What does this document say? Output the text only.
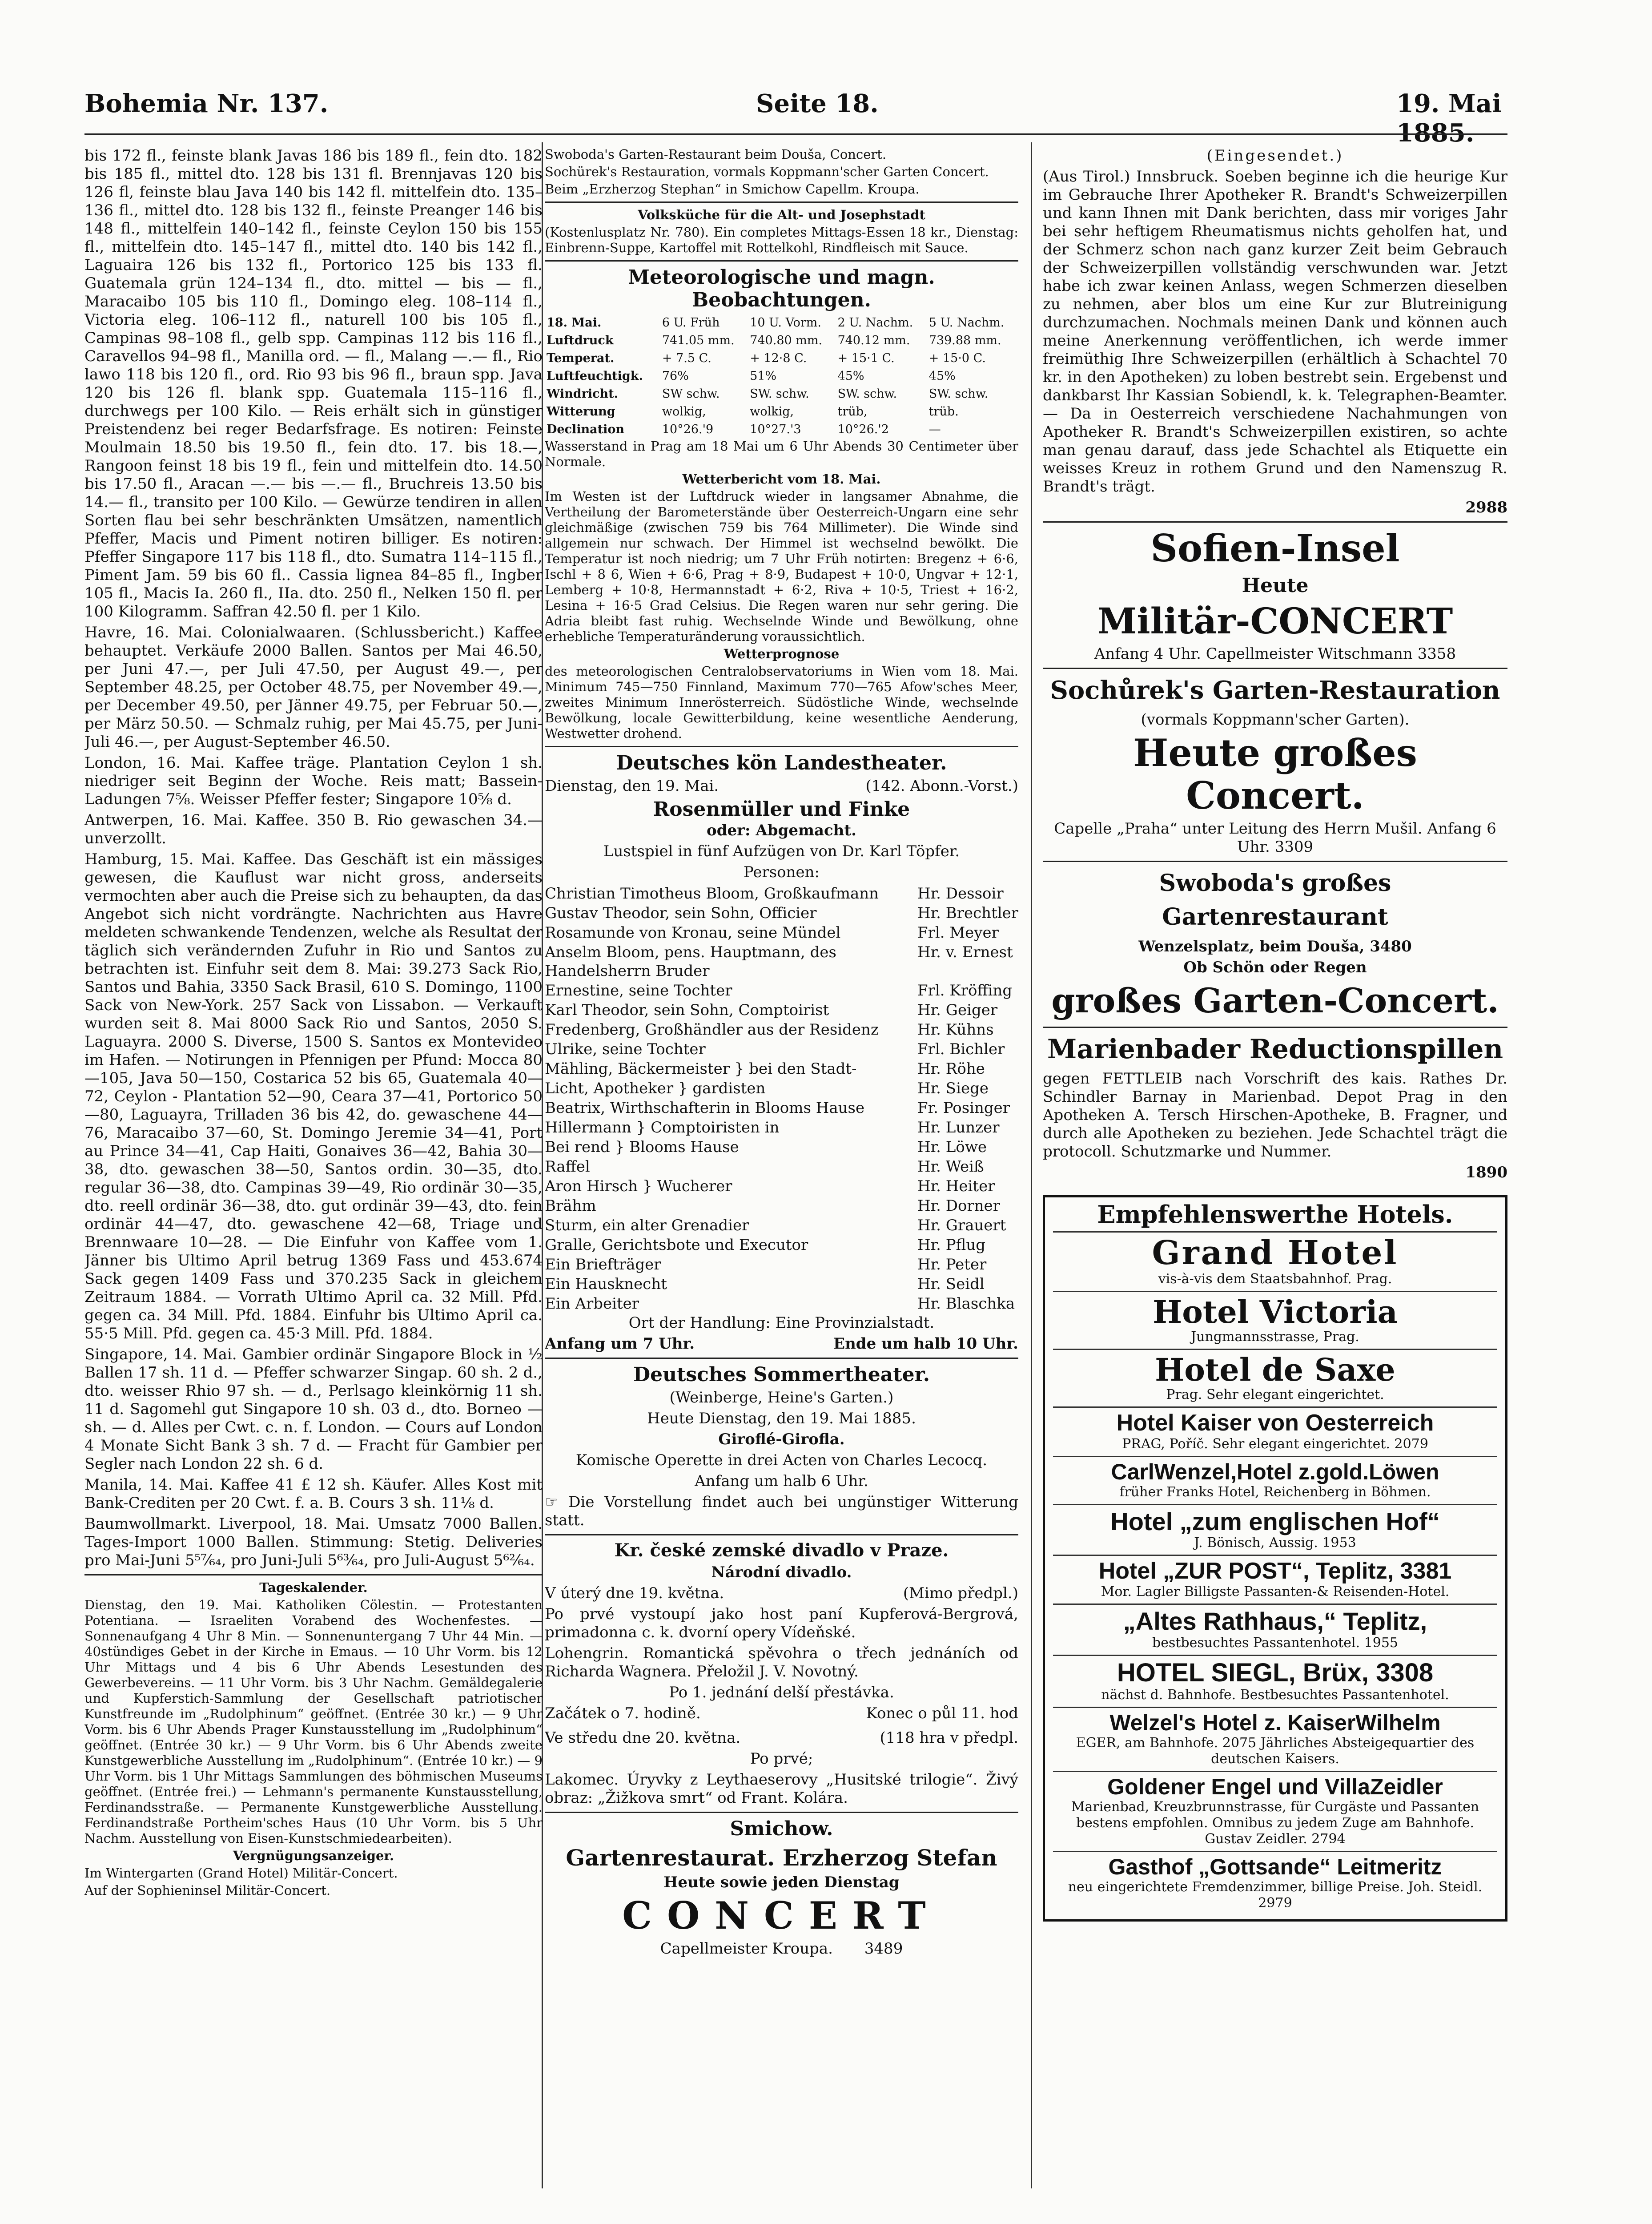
Bohemia Nr. 137.	Seite 18.	19. Mai 1885.

bis 172 fl., feinste blank Javas 186 bis 189 fl., fein dto. 182 bis 185 fl., mittel dto. 128 bis 131 fl. Brennjavas 120 bis 126 fl, feinste blau Java 140 bis 142 fl. mittelfein dto. 135–136 fl., mittel dto. 128 bis 132 fl., feinste Preanger 146 bis 148 fl., mittelfein 140–142 fl., feinste Ceylon 150 bis 155 fl., mittelfein dto. 145–147 fl., mittel dto. 140 bis 142 fl., Laguaira 126 bis 132 fl., Portorico 125 bis 133 fl. Guatemala grün 124–134 fl., dto. mittel — bis — fl., Maracaibo 105 bis 110 fl., Domingo eleg. 108–114 fl., Victoria eleg. 106–112 fl., naturell 100 bis 105 fl., Campinas 98–108 fl., gelb spp. Campinas 112 bis 116 fl., Caravellos 94–98 fl., Manilla ord. — fl., Malang —.— fl., Rio lawo 118 bis 120 fl., ord. Rio 93 bis 96 fl., braun spp. Java 120 bis 126 fl. blank spp. Guatemala 115–116 fl., durchwegs per 100 Kilo. — Reis erhält sich in günstiger Preistendenz bei reger Bedarfsfrage. Es notiren: Feinste Moulmain 18.50 bis 19.50 fl., fein dto. 17. bis 18.—, Rangoon feinst 18 bis 19 fl., fein und mittelfein dto. 14.50 bis 17.50 fl., Aracan —.— bis —.— fl., Bruchreis 13.50 bis 14.— fl., transito per 100 Kilo. — Gewürze tendiren in allen Sorten flau bei sehr beschränkten Umsätzen, namentlich Pfeffer, Macis und Piment notiren billiger. Es notiren: Pfeffer Singapore 117 bis 118 fl., dto. Sumatra 114–115 fl., Piment Jam. 59 bis 60 fl.. Cassia lignea 84–85 fl., Ingber 105 fl., Macis Ia. 260 fl., IIa. dto. 250 fl., Nelken 150 fl. per 100 Kilogramm. Saffran 42.50 fl. per 1 Kilo.

Havre, 16. Mai. Colonialwaaren. (Schlussbericht.) Kaffee behauptet. Verkäufe 2000 Ballen. Santos per Mai 46.50, per Juni 47.—, per Juli 47.50, per August 49.—, per September 48.25, per October 48.75, per November 49.—, per December 49.50, per Jänner 49.75, per Februar 50.—, per März 50.50. — Schmalz ruhig, per Mai 45.75, per Juni-Juli 46.—, per August-September 46.50.

London, 16. Mai. Kaffee träge. Plantation Ceylon 1 sh. niedriger seit Beginn der Woche. Reis matt; Bassein-Ladungen 7⅝. Weisser Pfeffer fester; Singapore 10⅝ d.

Antwerpen, 16. Mai. Kaffee. 350 B. Rio gewaschen 34.— unverzollt.

Hamburg, 15. Mai. Kaffee. Das Geschäft ist ein mässiges gewesen, die Kauflust war nicht gross, anderseits vermochten aber auch die Preise sich zu behaupten, da das Angebot sich nicht vordrängte. Nachrichten aus Havre meldeten schwankende Tendenzen, welche als Resultat der täglich sich verändernden Zufuhr in Rio und Santos zu betrachten ist. Einfuhr seit dem 8. Mai: 39.273 Sack Rio, Santos und Bahia, 3350 Sack Brasil, 610 S. Domingo, 1100 Sack von New-York. 257 Sack von Lissabon. — Verkauft wurden seit 8. Mai 8000 Sack Rio und Santos, 2050 S. Laguayra. 2000 S. Diverse, 1500 S. Santos ex Montevideo im Hafen. — Notirungen in Pfennigen per Pfund: Mocca 80—105, Java 50—150, Costarica 52 bis 65, Guatemala 40—72, Ceylon - Plantation 52—90, Ceara 37—41, Portorico 50—80, Laguayra, Trilladen 36 bis 42, do. gewaschene 44—76, Maracaibo 37—60, St. Domingo Jeremie 34—41, Port au Prince 34—41, Cap Haiti, Gonaives 36—42, Bahia 30—38, dto. gewaschen 38—50, Santos ordin. 30—35, dto. regular 36—38, dto. Campinas 39—49, Rio ordinär 30—35, dto. reell ordinär 36—38, dto. gut ordinär 39—43, dto. fein ordinär 44—47, dto. gewaschene 42—68, Triage und Brennwaare 10—28. — Die Einfuhr von Kaffee vom 1. Jänner bis Ultimo April betrug 1369 Fass und 453.674 Sack gegen 1409 Fass und 370.235 Sack in gleichem Zeitraum 1884. — Vorrath Ultimo April ca. 32 Mill. Pfd. gegen ca. 34 Mill. Pfd. 1884. Einfuhr bis Ultimo April ca. 55·5 Mill. Pfd. gegen ca. 45·3 Mill. Pfd. 1884.

Singapore, 14. Mai. Gambier ordinär Singapore Block in ½ Ballen 17 sh. 11 d. — Pfeffer schwarzer Singap. 60 sh. 2 d., dto. weisser Rhio 97 sh. — d., Perlsago kleinkörnig 11 sh. 11 d. Sagomehl gut Singapore 10 sh. 03 d., dto. Borneo — sh. — d. Alles per Cwt. c. n. f. London. — Cours auf London 4 Monate Sicht Bank 3 sh. 7 d. — Fracht für Gambier per Segler nach London 22 sh. 6 d.

Manila, 14. Mai. Kaffee 41 £ 12 sh. Käufer. Alles Kost mit Bank-Crediten per 20 Cwt. f. a. B. Cours 3 sh. 11⅛ d.

Baumwollmarkt. Liverpool, 18. Mai. Umsatz 7000 Ballen. Tages-Import 1000 Ballen. Stimmung: Stetig. Deliveries pro Mai-Juni 5⁵⁷⁄₆₄, pro Juni-Juli 5⁶³⁄₆₄, pro Juli-August 5⁶²⁄₆₄.

Tageskalender.

Dienstag, den 19. Mai. Katholiken Cölestin. — Protestanten Potentiana. — Israeliten Vorabend des Wochenfestes. — Sonnenaufgang 4 Uhr 8 Min. — Sonnenuntergang 7 Uhr 44 Min. — 40stündiges Gebet in der Kirche in Emaus. — 10 Uhr Vorm. bis 12 Uhr Mittags und 4 bis 6 Uhr Abends Lesestunden des Gewerbevereins. — 11 Uhr Vorm. bis 3 Uhr Nachm. Gemäldegalerie und Kupferstich-Sammlung der Gesellschaft patriotischer Kunstfreunde im „Rudolphinum“ geöffnet. (Entrée 30 kr.) — 9 Uhr Vorm. bis 6 Uhr Abends Prager Kunstausstellung im „Rudolphinum“ geöffnet. (Entrée 30 kr.) — 9 Uhr Vorm. bis 6 Uhr Abends zweite Kunstgewerbliche Ausstellung im „Rudolphinum“. (Entrée 10 kr.) — 9 Uhr Vorm. bis 1 Uhr Mittags Sammlungen des böhmischen Museums geöffnet. (Entrée frei.) — Lehmann's permanente Kunstausstellung, Ferdinandsstraße. — Permanente Kunstgewerbliche Ausstellung. Ferdinandstraße Portheim'sches Haus (10 Uhr Vorm. bis 5 Uhr Nachm. Ausstellung von Eisen-Kunstschmiedearbeiten).

Vergnügungsanzeiger.
Im Wintergarten (Grand Hotel) Militär-Concert.
Auf der Sophieninsel Militär-Concert.
Swoboda's Garten-Restaurant beim Douša, Concert.
Sochürek's Restauration, vormals Koppmann'scher Garten Concert.
Beim „Erzherzog Stephan“ in Smichow Capellm. Kroupa.
Volksküche für die Alt- und Josephstadt

(Kostenlusplatz Nr. 780). Ein completes Mittags-Essen 18 kr., Dienstag: Einbrenn-Suppe, Kartoffel mit Rottelkohl, Rindfleisch mit Sauce.

Meteorologische und magn. Beobachtungen.
18. Mai.	6 U. Früh	10 U. Vorm.	2 U. Nachm.	5 U. Nachm.
Luftdruck	741.05 mm.	740.80 mm.	740.12 mm.	739.88 mm.
Temperat.	+ 7.5 C.	+ 12·8 C.	+ 15·1 C.	+ 15·0 C.
Luftfeuchtigk.	76%	51%	45%	45%
Windricht.	SW schw.	SW. schw.	SW. schw.	SW. schw.
Witterung	wolkig,	wolkig,	trüb,	trüb.
Declination	10°26.'9	10°27.'3	10°26.'2	—

Wasserstand in Prag am 18 Mai um 6 Uhr Abends 30 Centimeter über Normale.

Wetterbericht vom 18. Mai.

Im Westen ist der Luftdruck wieder in langsamer Abnahme, die Vertheilung der Barometerstände über Oesterreich-Ungarn eine sehr gleichmäßige (zwischen 759 bis 764 Millimeter). Die Winde sind allgemein nur schwach. Der Himmel ist wechselnd bewölkt. Die Temperatur ist noch niedrig; um 7 Uhr Früh notirten: Bregenz + 6·6, Ischl + 8 6, Wien + 6·6, Prag + 8·9, Budapest + 10·0, Ungvar + 12·1, Lemberg + 10·8, Hermannstadt + 6·2, Riva + 10·5, Triest + 16·2, Lesina + 16·5 Grad Celsius. Die Regen waren nur sehr gering. Die Adria bleibt fast ruhig. Wechselnde Winde und Bewölkung, ohne erhebliche Temperaturänderung voraussichtlich.

Wetterprognose

des meteorologischen Centralobservatoriums in Wien vom 18. Mai. Minimum 745—750 Finnland, Maximum 770—765 Afow'sches Meer, zweites Minimum Innerösterreich. Südöstliche Winde, wechselnde Bewölkung, locale Gewitterbildung, keine wesentliche Aenderung, Westwetter drohend.

Deutsches kön Landestheater.
Dienstag, den 19. Mai.	(142. Abonn.-Vorst.)
Rosenmüller und Finke
oder: Abgemacht.
Lustspiel in fünf Aufzügen von Dr. Karl Töpfer.
Personen:
Christian Timotheus Bloom, Großkaufmann	Hr. Dessoir
Gustav Theodor, sein Sohn, Officier	Hr. Brechtler
Rosamunde von Kronau, seine Mündel	Frl. Meyer
Anselm Bloom, pens. Hauptmann, des Handelsherrn Bruder	Hr. v. Ernest
Ernestine, seine Tochter	Frl. Kröffing
Karl Theodor, sein Sohn, Comptoirist	Hr. Geiger
Fredenberg, Großhändler aus der Residenz	Hr. Kühns
Ulrike, seine Tochter	Frl. Bichler
Mähling, Bäckermeister } bei den Stadt-	Hr. Röhe
Licht, Apotheker } gardisten	Hr. Siege
Beatrix, Wirthschafterin in Blooms Hause	Fr. Posinger
Hillermann } Comptoiristen in	Hr. Lunzer
Bei rend } Blooms Hause	Hr. Löwe
Raffel	Hr. Weiß
Aron Hirsch } Wucherer	Hr. Heiter
Brähm	Hr. Dorner
Sturm, ein alter Grenadier	Hr. Grauert
Gralle, Gerichtsbote und Executor	Hr. Pflug
Ein Briefträger	Hr. Peter
Ein Hausknecht	Hr. Seidl
Ein Arbeiter	Hr. Blaschka
Ort der Handlung: Eine Provinzialstadt.
Anfang um 7 Uhr.	Ende um halb 10 Uhr.
Deutsches Sommertheater.
(Weinberge, Heine's Garten.)
Heute Dienstag, den 19. Mai 1885.
Giroflé-Girofla.
Komische Operette in drei Acten von Charles Lecocq.
Anfang um halb 6 Uhr.
☞ Die Vorstellung findet auch bei ungünstiger Witterung statt.
Kr. české zemské divadlo v Praze.
Národní divadlo.
V úterý dne 19. května.	(Mimo předpl.)
Po prvé vystoupí jako host paní Kupferová-Bergrová, primadonna c. k. dvorní opery Vídeňské.
Lohengrin. Romantická spěvohra o třech jednáních od Richarda Wagnera. Přeložil J. V. Novotný.
Po 1. jednání delší přestávka.
Začátek o 7. hodině.	Konec o půl 11. hod
Ve středu dne 20. května.	(118 hra v předpl.
Po prvé;
Lakomec. Úryvky z Leythaeserovy „Husitské trilogie“. Živý obraz: „Žižkova smrt“ od Frant. Kolára.
Smichow.
Gartenrestaurat. Erzherzog Stefan
Heute sowie jeden Dienstag
CONCERT
Capellmeister Kroupa. 3489
(Eingesendet.)

(Aus Tirol.) Innsbruck. Soeben beginne ich die heurige Kur im Gebrauche Ihrer Apotheker R. Brandt's Schweizerpillen und kann Ihnen mit Dank berichten, dass mir voriges Jahr bei sehr heftigem Rheumatismus nichts geholfen hat, und der Schmerz schon nach ganz kurzer Zeit beim Gebrauch der Schweizerpillen vollständig verschwunden war. Jetzt habe ich zwar keinen Anlass, wegen Schmerzen dieselben zu nehmen, aber blos um eine Kur zur Blutreinigung durchzumachen. Nochmals meinen Dank und können auch meine Anerkennung veröffentlichen, ich werde immer freimüthig Ihre Schweizerpillen (erhältlich à Schachtel 70 kr. in den Apotheken) zu loben bestrebt sein. Ergebenst und dankbarst Ihr Kassian Sobiendl, k. k. Telegraphen-Beamter. — Da in Oesterreich verschiedene Nachahmungen von Apotheker R. Brandt's Schweizerpillen existiren, so achte man genau darauf, dass jede Schachtel als Etiquette ein weisses Kreuz in rothem Grund und den Namenszug R. Brandt's trägt.

2988
Sofien-Insel
Heute
Militär-CONCERT
Anfang 4 Uhr. Capellmeister Witschmann 3358
Sochůrek's Garten-Restauration
(vormals Koppmann'scher Garten).
Heute großes Concert.
Capelle „Praha“ unter Leitung des Herrn Mušil. Anfang 6 Uhr. 3309
Swoboda's großes Gartenrestaurant
Wenzelsplatz, beim Douša, 3480
Ob Schön oder Regen
großes Garten-Concert.
Marienbader Reductionspillen

gegen FETTLEIB nach Vorschrift des kais. Rathes Dr. Schindler Barnay in Marienbad. Depot Prag in den Apotheken A. Tersch Hirschen-Apotheke, B. Fragner, und durch alle Apotheken zu beziehen. Jede Schachtel trägt die protocoll. Schutzmarke und Nummer.

1890
Empfehlenswerthe Hotels.
Grand Hotel
vis-à-vis dem Staatsbahnhof. Prag.
Hotel Victoria
Jungmannsstrasse, Prag.
Hotel de Saxe
Prag. Sehr elegant eingerichtet.
Hotel Kaiser von Oesterreich
PRAG, Poříč. Sehr elegant eingerichtet. 2079
CarlWenzel,Hotel z.gold.Löwen
früher Franks Hotel, Reichenberg in Böhmen.
Hotel „zum englischen Hof“
J. Bönisch, Aussig. 1953
Hotel „ZUR POST“, Teplitz, 3381
Mor. Lagler Billigste Passanten-& Reisenden-Hotel.
„Altes Rathhaus,“ Teplitz,
bestbesuchtes Passantenhotel. 1955
HOTEL SIEGL, Brüx, 3308
nächst d. Bahnhofe. Bestbesuchtes Passantenhotel.
Welzel's Hotel z. KaiserWilhelm
EGER, am Bahnhofe. 2075 Jährliches Absteigequartier des deutschen Kaisers.
Goldener Engel und VillaZeidler
Marienbad, Kreuzbrunnstrasse, für Curgäste und Passanten bestens empfohlen. Omnibus zu jedem Zuge am Bahnhofe. Gustav Zeidler. 2794
Gasthof „Gottsande“ Leitmeritz
neu eingerichtete Fremdenzimmer, billige Preise. Joh. Steidl. 2979
